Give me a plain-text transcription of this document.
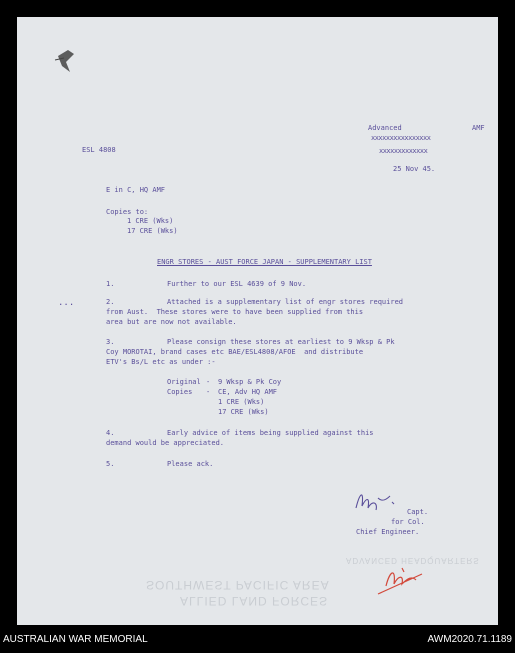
Advanced	AMF
xxxxxxxxxxxxxxxx
xxxxxxxxxxxxx
25 Nov 45.
ESL 4808
E in C, HQ AMF
Copies to:
1 CRE (Wks)
17 CRE (Wks)
ENGR STORES - AUST FORCE JAPAN - SUPPLEMENTARY LIST
1.	Further to our ESL 4639 of 9 Nov.
...	2.	Attached is a supplementary list of engr stores required
from Aust.  These stores were to have been supplied from this
area but are now not available.
3.	Please consign these stores at earliest to 9 Wksp & Pk
Coy MOROTAI, brand cases etc BAE/ESL4808/AFOE  and distribute
ETV's Bs/L etc as under :-
Original - 9 Wksp & Pk Coy
Copies - CE, Adv HQ AMF
1 CRE (Wks)
17 CRE (Wks)
4.	Early advice of items being supplied against this
demand would be appreciated.
5.	Please ack.
Capt.
for Col.
Chief Engineer.
ADVANCED HEADQUARTERS
SOUTHWEST PACIFIC AREA
ALLIED LAND FORCES
AUSTRALIAN WAR MEMORIAL	AWM2020.71.1189
